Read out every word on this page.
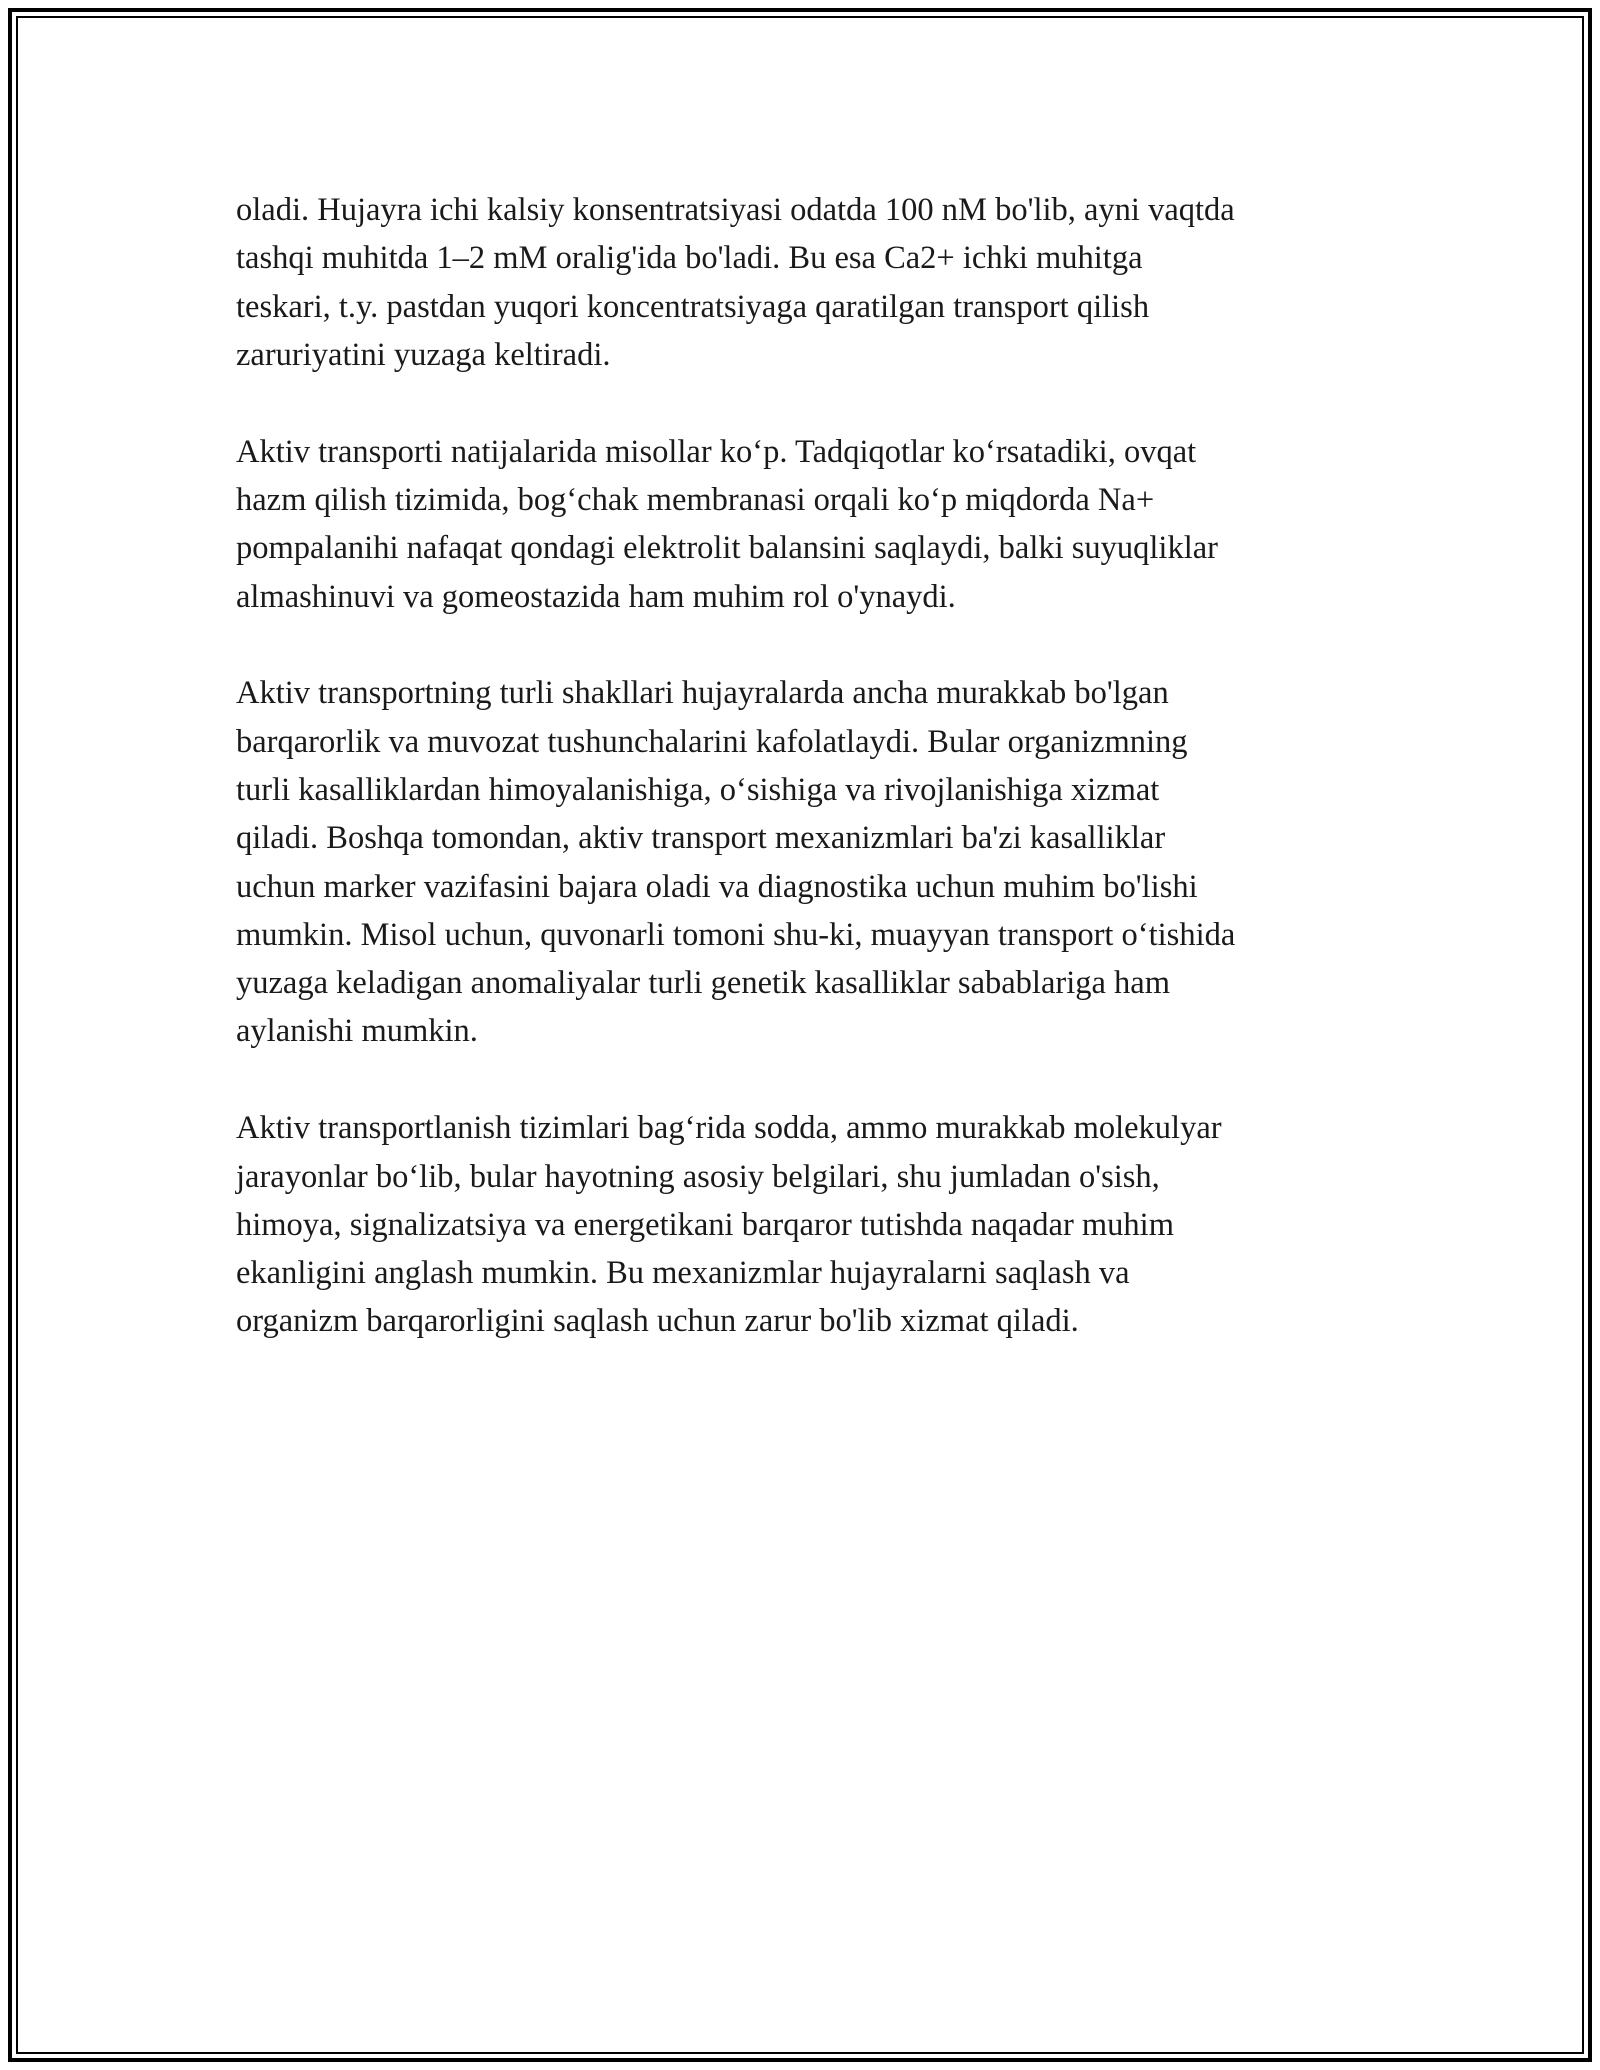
oladi. Hujayra ichi kalsiy konsentratsiyasi odatda 100 nM bo'lib, ayni vaqtda
tashqi muhitda 1–2 mM oralig'ida bo'ladi. Bu esa Ca2+ ichki muhitga
teskari, t.y. pastdan yuqori koncentratsiyaga qaratilgan transport qilish
zaruriyatini yuzaga keltiradi.

Aktiv transporti natijalarida misollar ko‘p. Tadqiqotlar ko‘rsatadiki, ovqat
hazm qilish tizimida, bog‘chak membranasi orqali ko‘p miqdorda Na+
pompalanihi nafaqat qondagi elektrolit balansini saqlaydi, balki suyuqliklar
almashinuvi va gomeostazida ham muhim rol o'ynaydi.

Aktiv transportning turli shakllari hujayralarda ancha murakkab bo'lgan
barqarorlik va muvozat tushunchalarini kafolatlaydi. Bular organizmning
turli kasalliklardan himoyalanishiga, o‘sishiga va rivojlanishiga xizmat
qiladi. Boshqa tomondan, aktiv transport mexanizmlari ba'zi kasalliklar
uchun marker vazifasini bajara oladi va diagnostika uchun muhim bo'lishi
mumkin. Misol uchun, quvonarli tomoni shu-ki, muayyan transport o‘tishida
yuzaga keladigan anomaliyalar turli genetik kasalliklar sabablariga ham
aylanishi mumkin.

Aktiv transportlanish tizimlari bag‘rida sodda, ammo murakkab molekulyar
jarayonlar bo‘lib, bular hayotning asosiy belgilari, shu jumladan o'sish,
himoya, signalizatsiya va energetikani barqaror tutishda naqadar muhim
ekanligini anglash mumkin. Bu mexanizmlar hujayralarni saqlash va
organizm barqarorligini saqlash uchun zarur bo'lib xizmat qiladi.
